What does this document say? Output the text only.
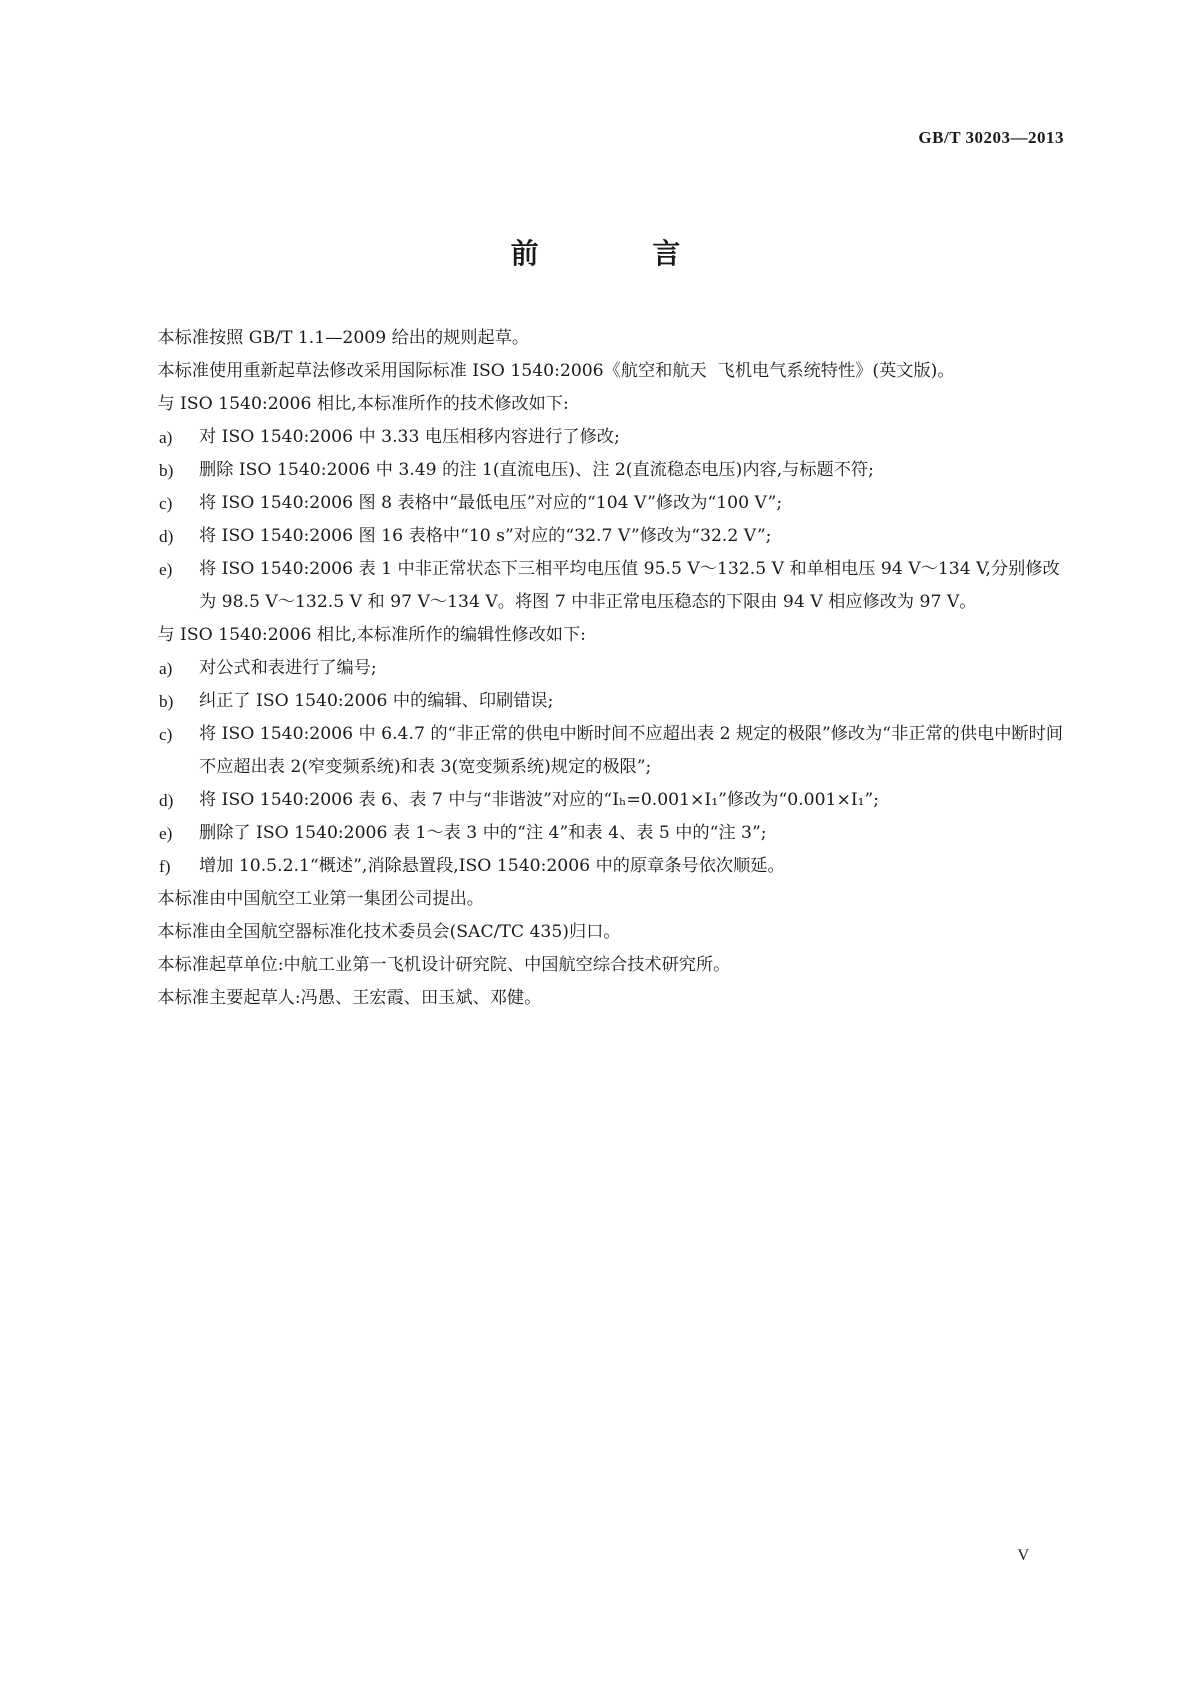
GB/T 30203—2013
前 言

本标准按照 GB/T 1.1—2009 给出的规则起草。

本标准使用重新起草法修改采用国际标准 ISO 1540:2006《航空和航天  飞机电气系统特性》(英文版)。

与 ISO 1540:2006 相比,本标准所作的技术修改如下:

a)	对 ISO 1540:2006 中 3.33 电压相移内容进行了修改;
b)	删除 ISO 1540:2006 中 3.49 的注 1(直流电压)、注 2(直流稳态电压)内容,与标题不符;
c)	将 ISO 1540:2006 图 8 表格中“最低电压”对应的“104 V”修改为“100 V”;
d)	将 ISO 1540:2006 图 16 表格中“10 s”对应的“32.7 V”修改为“32.2 V”;
e)	将 ISO 1540:2006 表 1 中非正常状态下三相平均电压值 95.5 V～132.5 V 和单相电压 94 V～134 V,分别修改为 98.5 V～132.5 V 和 97 V～134 V。将图 7 中非正常电压稳态的下限由 94 V 相应修改为 97 V。

与 ISO 1540:2006 相比,本标准所作的编辑性修改如下:

a)	对公式和表进行了编号;
b)	纠正了 ISO 1540:2006 中的编辑、印刷错误;
c)	将 ISO 1540:2006 中 6.4.7 的“非正常的供电中断时间不应超出表 2 规定的极限”修改为“非正常的供电中断时间不应超出表 2(窄变频系统)和表 3(宽变频系统)规定的极限”;
d)	将 ISO 1540:2006 表 6、表 7 中与“非谐波”对应的“Iₕ=0.001×I₁”修改为“0.001×I₁”;
e)	删除了 ISO 1540:2006 表 1～表 3 中的“注 4”和表 4、表 5 中的“注 3”;
f)	增加 10.5.2.1“概述”,消除悬置段,ISO 1540:2006 中的原章条号依次顺延。

本标准由中国航空工业第一集团公司提出。

本标准由全国航空器标准化技术委员会(SAC/TC 435)归口。

本标准起草单位:中航工业第一飞机设计研究院、中国航空综合技术研究所。

本标准主要起草人:冯愚、王宏霞、田玉斌、邓健。

V
